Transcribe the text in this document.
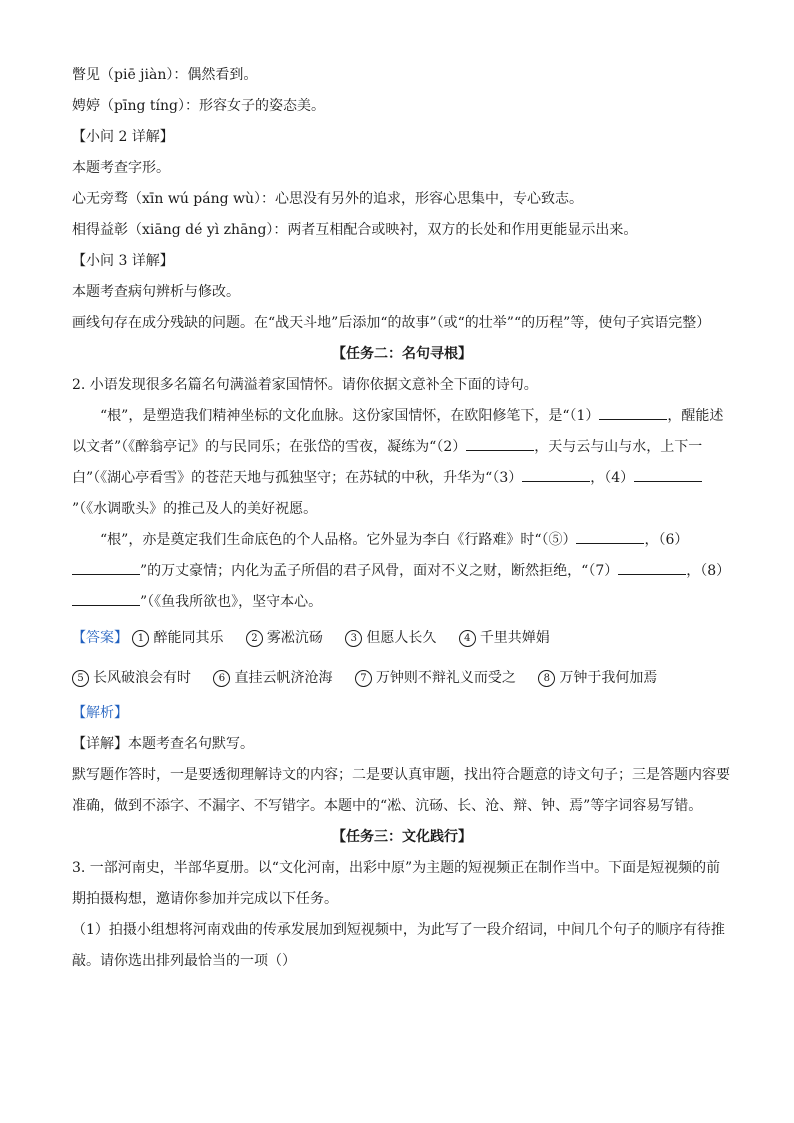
瞥见（piē jiàn）：偶然看到。
娉婷（pīng tíng）：形容女子的姿态美。
【小问 2 详解】
本题考查字形。
心无旁骛（xīn wú páng wù）：心思没有另外的追求，形容心思集中，专心致志。
相得益彰（xiāng dé yì zhāng）：两者互相配合或映衬，双方的长处和作用更能显示出来。
【小问 3 详解】
本题考查病句辨析与修改。
画线句存在成分残缺的问题。在“战天斗地”后添加“的故事”（或“的壮举”“的历程”等，使句子宾语完整）
【任务二：名句寻根】
2. 小语发现很多名篇名句满溢着家国情怀。请你依据文意补全下面的诗句。
“根”，是塑造我们精神坐标的文化血脉。这份家国情怀，在欧阳修笔下，是“（1）	，醒能述以文者”（《醉翁亭记》的与民同乐；在张岱的雪夜，凝练为“（2）	，天与云与山与水，上下一白”（《湖心亭看雪》的苍茫天地与孤独坚守；在苏轼的中秋，升华为“（3）	，（4）”（《水调歌头》的推己及人的美好祝愿。
“根”，亦是奠定我们生命底色的个人品格。它外显为李白《行路难》时“（⑤）	，（6）”的万丈豪情；内化为孟子所倡的君子风骨，面对不义之财，断然拒绝，“（7）	，（8）”（《鱼我所欲也》，坚守本心。
【答案】 1 醉能同其乐	2 雾凇沆砀	3 但愿人长久	4 千里共婵娟
5 长风破浪会有时	6 直挂云帆济沧海	7 万钟则不辩礼义而受之	8 万钟于我何加焉
【解析】
【详解】本题考查名句默写。
默写题作答时，一是要透彻理解诗文的内容；二是要认真审题，找出符合题意的诗文句子；三是答题内容要准确，做到不添字、不漏字、不写错字。本题中的“凇、沆砀、长、沧、辩、钟、焉”等字词容易写错。
【任务三：文化践行】
3. 一部河南史，半部华夏册。以“文化河南，出彩中原”为主题的短视频正在制作当中。下面是短视频的前期拍摄构想，邀请你参加并完成以下任务。
（1）拍摄小组想将河南戏曲的传承发展加到短视频中，为此写了一段介绍词，中间几个句子的顺序有待推敲。请你选出排列最恰当的一项（）
